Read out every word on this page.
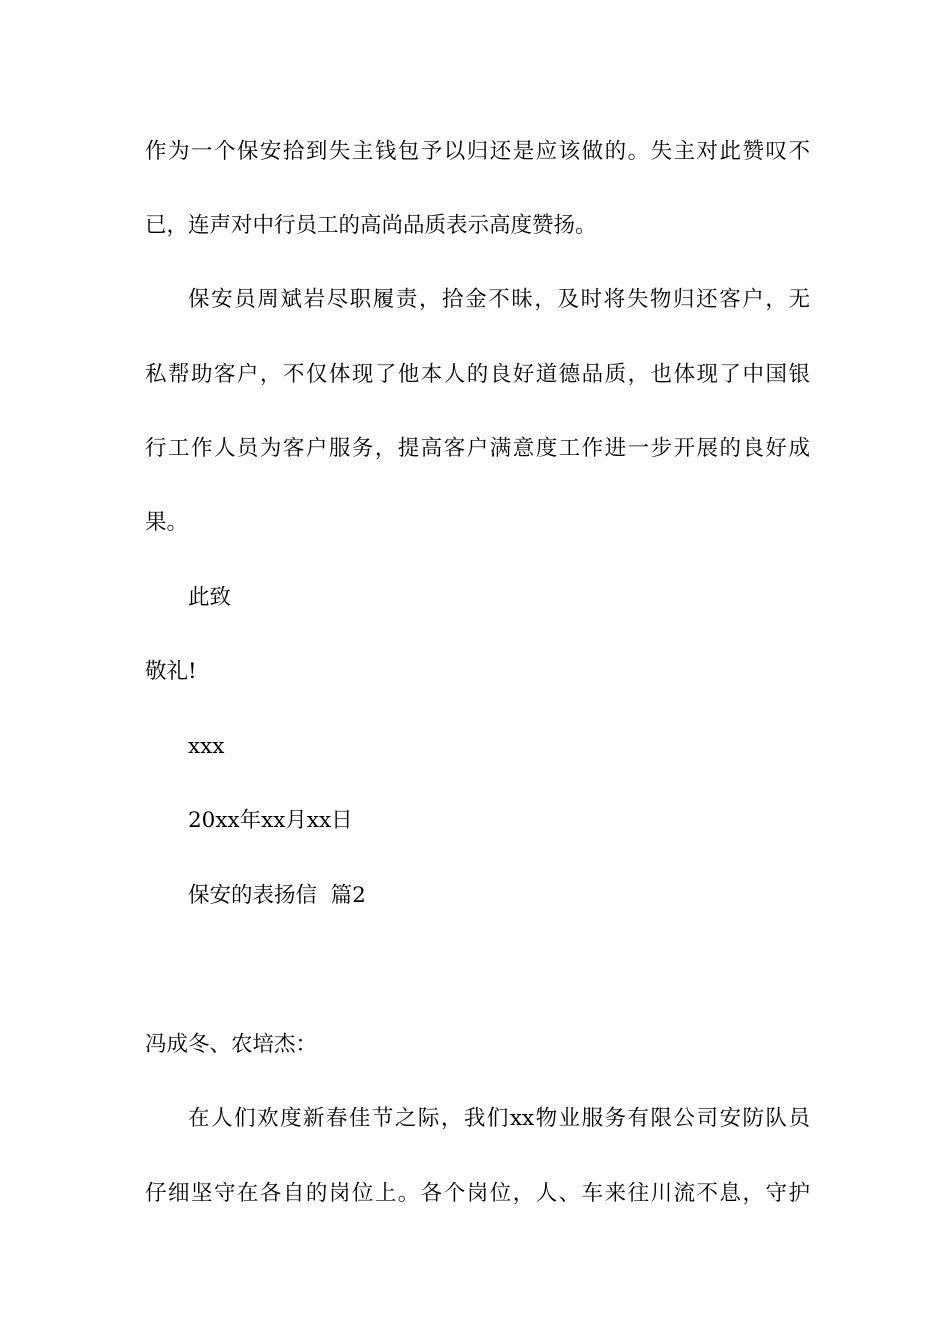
作为一个保安拾到失主钱包予以归还是应该做的。失主对此赞叹不
已，连声对中行员工的高尚品质表示高度赞扬。
保安员周斌岩尽职履责，拾金不昧，及时将失物归还客户，无
私帮助客户，不仅体现了他本人的良好道德品质，也体现了中国银
行工作人员为客户服务，提高客户满意度工作进一步开展的良好成
果。
此致
敬礼!
xxx
20xx年xx月xx日
保安的表扬信  篇2
冯成冬、农培杰：
在人们欢度新春佳节之际，我们xx物业服务有限公司安防队员
仔细坚守在各自的岗位上。各个岗位，人、车来往川流不息，守护
